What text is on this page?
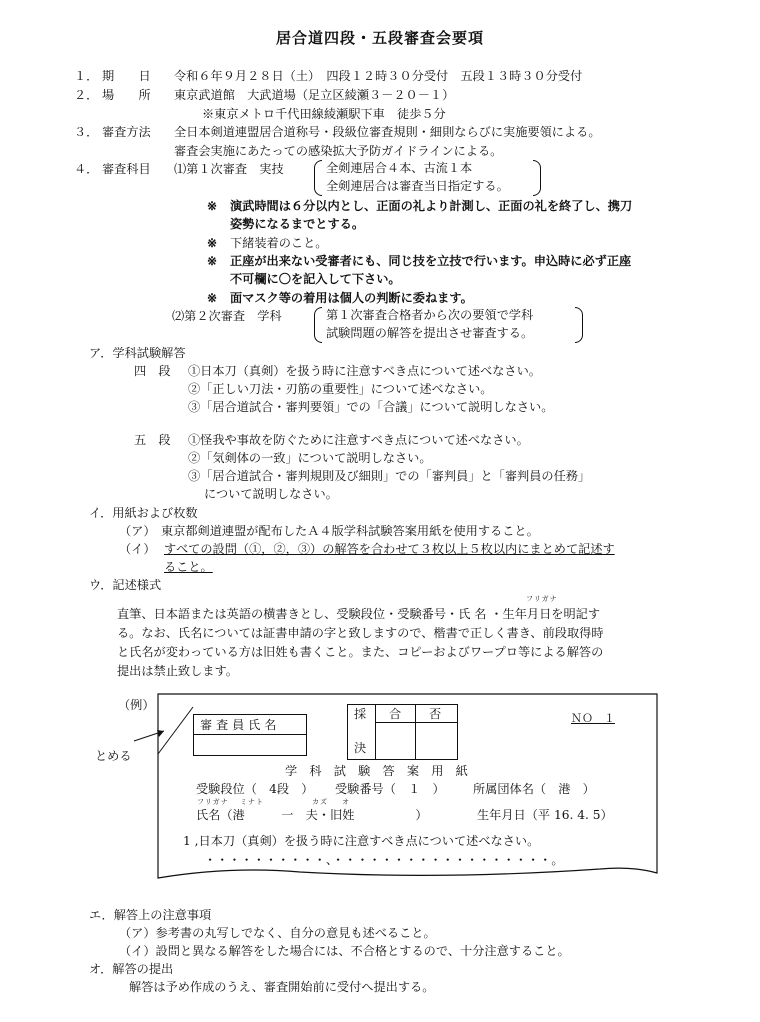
居合道四段・五段審査会要項
１． 期　　日 令和６年９月２８日（土）　四段１２時３０分受付　五段１３時３０分受付
２． 場　　所 東京武道館　大武道場（足立区綾瀬３－２０－１）
※東京メトロ千代田線綾瀬駅下車　徒歩５分
３． 審査方法 全日本剣道連盟居合道称号・段級位審査規則・細則ならびに実施要領による。
審査会実施にあたっての感染拡大予防ガイドラインによる。
４． 審査科目 ⑴第１次審査　実技	全剣連居合４本、古流１本
全剣連居合は審査当日指定する。
※ 演武時間は６分以内とし、正面の礼より計測し、正面の礼を終了し、携刀
姿勢になるまでとする。
※ 下緒装着のこと。
※ 正座が出来ない受審者にも、同じ技を立技で行います。申込時に必ず正座
不可欄に〇を記入して下さい。
※ 面マスク等の着用は個人の判断に委ねます。
⑵第２次審査　学科	第１次審査合格者から次の要領で学科
試験問題の解答を提出させ審査する。
ア．学科試験解答
四　段 ①日本刀（真剣）を扱う時に注意すべき点について述べなさい。
②「正しい刀法・刃筋の重要性」について述べなさい。
③「居合道試合・審判要領」での「合議」について説明しなさい。
五　段 ①怪我や事故を防ぐために注意すべき点について述べなさい。
②「気剣体の一致」について説明しなさい。
③「居合道試合・審判規則及び細則」での「審判員」と「審判員の任務」
について説明しなさい。
イ．用紙および枚数
（ア） 東京都剣道連盟が配布したＡ４版学科試験答案用紙を使用すること。
（イ） すべての設問（①，②，③）の解答を合わせて３枚以上５枚以内にまとめて記述す
ること。
ウ．記述様式
フリガナ
直筆、日本語または英語の横書きとし、受験段位・受験番号・氏 名 ・生年月日を明記す
る。なお、氏名については証書申請の字と致しますので、楷書で正しく書き、前段取得時
と氏名が変わっている方は旧姓も書くこと。また、コピーおよびワープロ等による解答の
提出は禁止致します。
（例）
とめる
審 査 員 氏 名
採
決
合 否	ＮＯ　１
学　科　試　験　答　案　用　紙
受験段位（　4段　） 受験番号（　１　） 所属団体名（　港　）
フリガナ ミナト	カズ オ
氏名（港　　　一　夫・旧姓　　　　　）	生年月日（平 16. 4. 5）
1 ,日本刀（真剣）を扱う時に注意すべき点について述べなさい。
・・・・・・・・・・、・・・・・・・・・・・・・・・・・・。
エ．解答上の注意事項
（ア）参考書の丸写しでなく、自分の意見も述べること。
（イ）設問と異なる解答をした場合には、不合格とするので、十分注意すること。
オ．解答の提出
解答は予め作成のうえ、審査開始前に受付へ提出する。
